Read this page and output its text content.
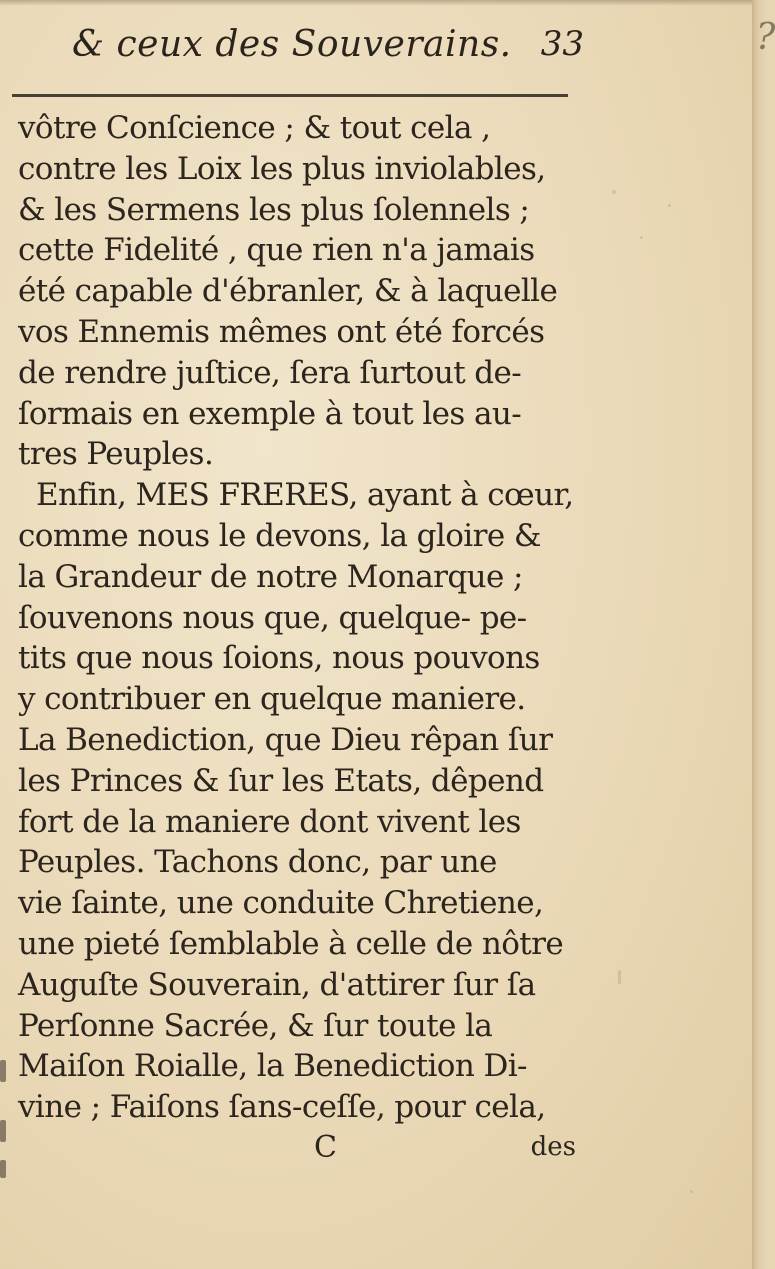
& ceux des Souverains. 33
vôtre Conſcience ; & tout cela ,
contre les Loix les plus inviolables,
& les Sermens les plus ſolennels ;
cette Fidelité , que rien n'a jamais
été capable d'ébranler, & à laquelle
vos Ennemis mêmes ont été forcés
de rendre juſtice, ſera ſurtout de-
ſormais en exemple à tout les au-
tres Peuples.
Enfin, MES FRERES, ayant à cœur,
comme nous le devons, la gloire &
la Grandeur de notre Monarque ;
ſouvenons nous que, quelque- pe-
tits que nous ſoions, nous pouvons
y contribuer en quelque maniere.
La Benediction, que Dieu rêpan ſur
les Princes & ſur les Etats, dêpend
fort de la maniere dont vivent les
Peuples. Tachons donc, par une
vie ſainte, une conduite Chretiene,
une pieté ſemblable à celle de nôtre
Auguſte Souverain, d'attirer ſur ſa
Perſonne Sacrée, & ſur toute la
Maiſon Roialle, la Benediction Di-
vine ; Faiſons ſans-ceſſe, pour cela,
C	des
?
